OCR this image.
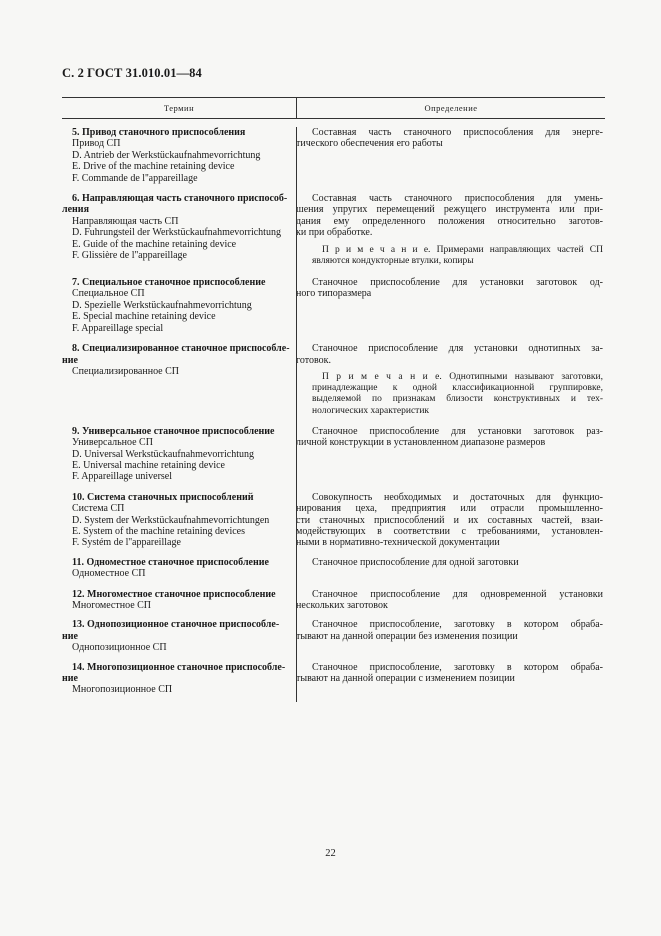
С. 2 ГОСТ 31.010.01—84
Термин	Определение
5. Привод станочного приспособления
Привод СП
D. Antrieb der Werkstückaufnahmevorrichtung
E. Drive of the machine retaining device
F. Commande de l''appareillage
Составная часть станочного приспособления для энерге-
тического обеспечения его работы
6. Направляющая часть станочного приспособ-
ления
Направляющая часть СП
D. Fuhrungsteil der Werkstückaufnahmevorrichtung
E. Guide of the machine retaining device
F. Glissière de l''appareillage
Составная часть станочного приспособления для умень-
шения упругих перемещений режущего инструмента или при-
дания ему определенного положения относительно заготов-
ки при обработке.
П р и м е ч а н и е. Примерами направляющих частей СП
являются кондукторные втулки, копиры
7. Специальное станочное приспособление
Специальное СП
D. Spezielle Werkstückaufnahmevorrichtung
E. Special machine retaining device
F. Appareillage special
Станочное приспособление для установки заготовок од-
ного типоразмера
8. Специализированное станочное приспособле-
ние
Специализированное СП
Станочное приспособление для установки однотипных за-
готовок.
П р и м е ч а н и е. Однотипными называют заготовки,
принадлежащие к одной классификационной группировке,
выделяемой по признакам близости конструктивных и тех-
нологических характеристик
9. Универсальное станочное приспособление
Универсальное СП
D. Universal Werkstückaufnahmevorrichtung
E. Universal machine retaining device
F. Appareillage universel
Станочное приспособление для установки заготовок раз-
личной конструкции в установленном диапазоне размеров
10. Система станочных приспособлений
Система СП
D. System der Werkstückaufnahmevorrichtungen
E. System of the machine retaining devices
F. Systém de l''appareillage
Совокупность необходимых и достаточных для функцио-
нирования цеха, предприятия или отрасли промышленно-
сти станочных приспособлений и их составных частей, взаи-
модействующих в соответствии с требованиями, установлен-
ными в нормативно-технической документации
11. Одноместное станочное приспособление
Одноместное СП
Станочное приспособление для одной заготовки
12. Многоместное станочное приспособление
Многоместное СП
Станочное приспособление для одновременной установки
нескольких заготовок
13. Однопозиционное станочное приспособле-
ние
Однопозиционное СП
Станочное приспособление, заготовку в котором обраба-
тывают на данной операции без изменения позиции
14. Многопозиционное станочное приспособле-
ние
Многопозиционное СП
Станочное приспособление, заготовку в котором обраба-
тывают на данной операции с изменением позиции
22
